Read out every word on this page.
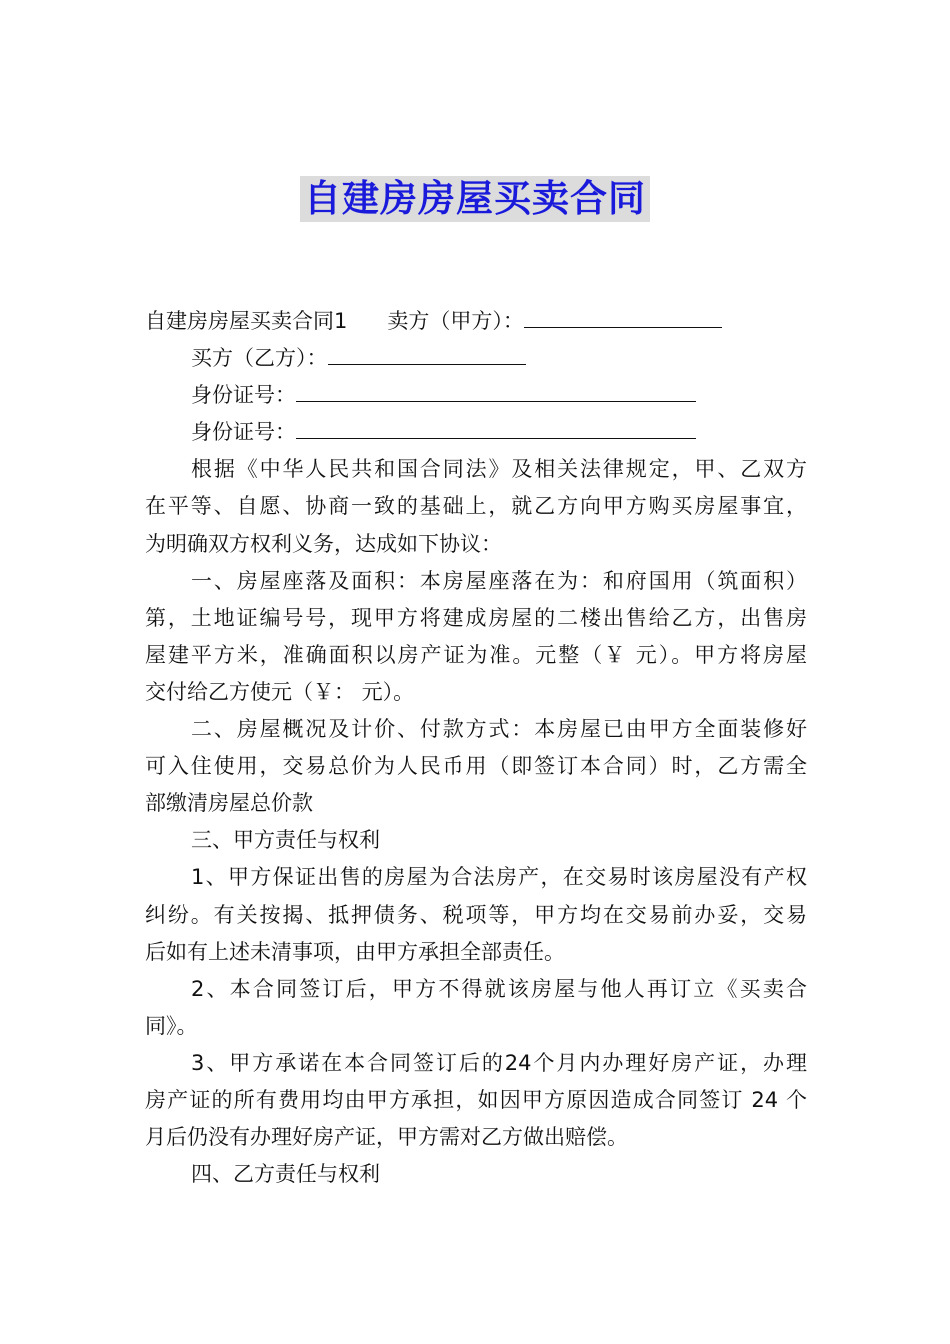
自建房房屋买卖合同
自建房房屋买卖合同1 卖方（甲方）：
买方（乙方）：
身份证号：
身份证号：
根据《中华人民共和国合同法》及相关法律规定，甲、乙双方
在平等、自愿、协商一致的基础上，就乙方向甲方购买房屋事宜，
为明确双方权利义务，达成如下协议：
一、房屋座落及面积：本房屋座落在为：和府国用（筑面积）
第，土地证编号号，现甲方将建成房屋的二楼出售给乙方，出售房
屋建平方米，准确面积以房产证为准。元整（￥ 元）。甲方将房屋
交付给乙方使元（￥： 元）。
二、房屋概况及计价、付款方式：本房屋已由甲方全面装修好
可入住使用，交易总价为人民币用（即签订本合同）时，乙方需全
部缴清房屋总价款
三、甲方责任与权利
1、甲方保证出售的房屋为合法房产，在交易时该房屋没有产权
纠纷。有关按揭、抵押债务、税项等，甲方均在交易前办妥，交易
后如有上述未清事项，由甲方承担全部责任。
2、本合同签订后，甲方不得就该房屋与他人再订立《买卖合
同》。
3、甲方承诺在本合同签订后的24个月内办理好房产证，办理
房产证的所有费用均由甲方承担，如因甲方原因造成合同签订 24 个
月后仍没有办理好房产证，甲方需对乙方做出赔偿。
四、乙方责任与权利
